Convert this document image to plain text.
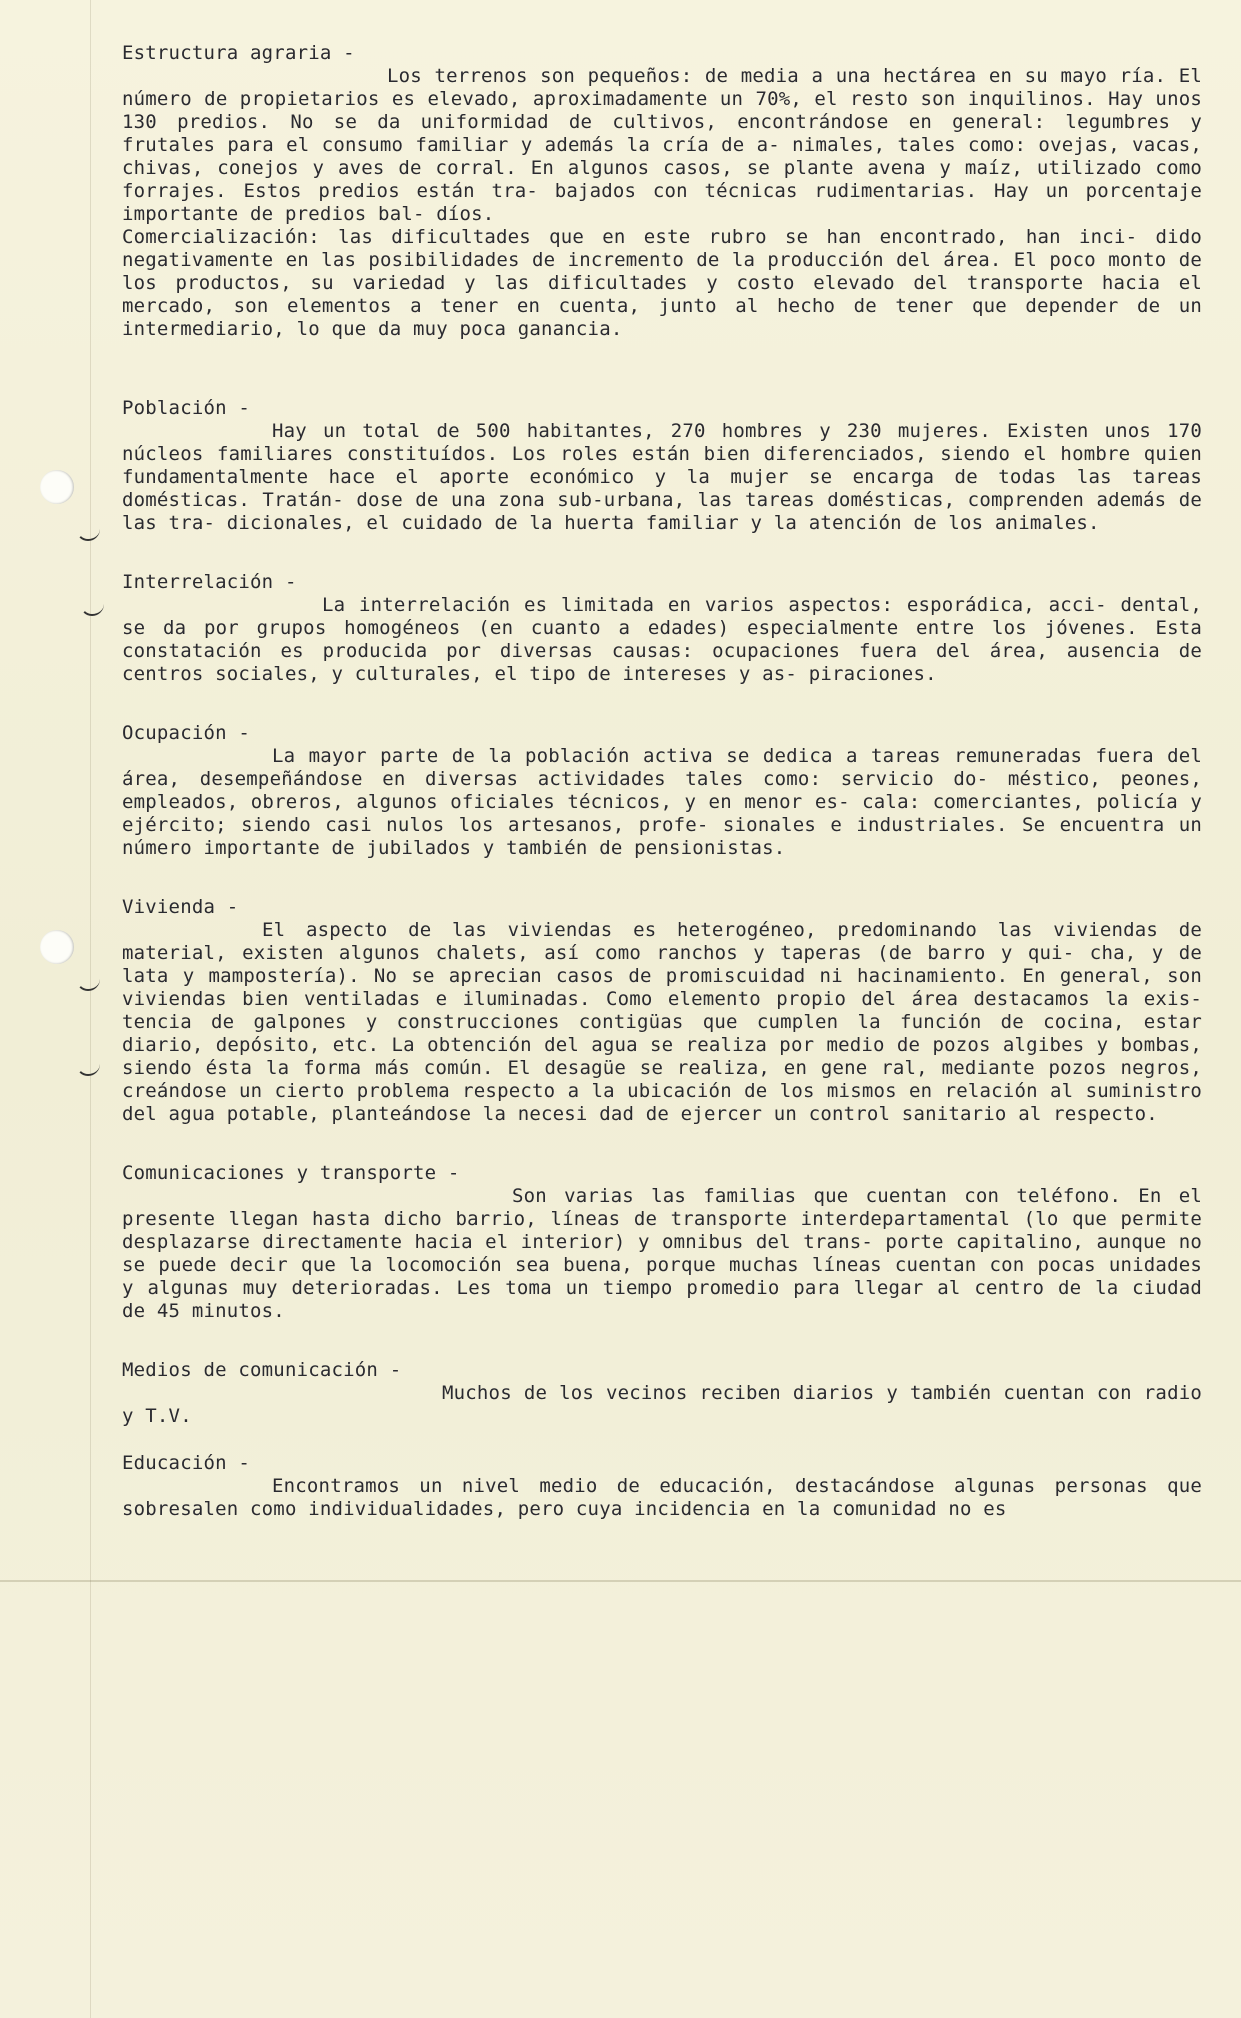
Estructura agraria -
Los terrenos son pequeños: de media a una hectárea en su mayo ría. El número de propietarios es elevado, aproximadamente un 70%, el resto son inquilinos. Hay unos 130 predios. No se da uniformidad de cultivos, encontrándose en general: legumbres y frutales para el consumo familiar y además la cría de a- nimales, tales como: ovejas, vacas, chivas, conejos y aves de corral. En algunos casos, se plante avena y maíz, utilizado como forrajes. Estos predios están tra- bajados con técnicas rudimentarias. Hay un porcentaje importante de predios bal- díos.
Comercialización: las dificultades que en este rubro se han encontrado, han inci- dido negativamente en las posibilidades de incremento de la producción del área. El poco monto de los productos, su variedad y las dificultades y costo elevado del transporte hacia el mercado, son elementos a tener en cuenta, junto al hecho de tener que depender de un intermediario, lo que da muy poca ganancia.
Población -
Hay un total de 500 habitantes, 270 hombres y 230 mujeres. Existen unos 170 núcleos familiares constituídos. Los roles están bien diferenciados, siendo el hombre quien fundamentalmente hace el aporte económico y la mujer se encarga de todas las tareas domésticas. Tratán- dose de una zona sub-urbana, las tareas domésticas, comprenden además de las tra- dicionales, el cuidado de la huerta familiar y la atención de los animales.
Interrelación -
La interrelación es limitada en varios aspectos: esporádica, acci- dental, se da por grupos homogéneos (en cuanto a edades) especialmente entre los jóvenes. Esta constatación es producida por diversas causas: ocupaciones fuera del área, ausencia de centros sociales, y culturales, el tipo de intereses y as- piraciones.
Ocupación -
La mayor parte de la población activa se dedica a tareas remuneradas fuera del área, desempeñándose en diversas actividades tales como: servicio do- méstico, peones, empleados, obreros, algunos oficiales técnicos, y en menor es- cala: comerciantes, policía y ejército; siendo casi nulos los artesanos, profe- sionales e industriales. Se encuentra un número importante de jubilados y también de pensionistas.
Vivienda -
El aspecto de las viviendas es heterogéneo, predominando las viviendas de material, existen algunos chalets, así como ranchos y taperas (de barro y qui- cha, y de lata y mampostería). No se aprecian casos de promiscuidad ni hacinamiento. En general, son viviendas bien ventiladas e iluminadas. Como elemento propio del área destacamos la exis- tencia de galpones y construcciones contigüas que cumplen la función de cocina, estar diario, depósito, etc. La obtención del agua se realiza por medio de pozos algibes y bombas, siendo ésta la forma más común. El desagüe se realiza, en gene ral, mediante pozos negros, creándose un cierto problema respecto a la ubicación de los mismos en relación al suministro del agua potable, planteándose la necesi dad de ejercer un control sanitario al respecto.
Comunicaciones y transporte -
Son varias las familias que cuentan con teléfono. En el presente llegan hasta dicho barrio, líneas de transporte interdepartamental (lo que permite desplazarse directamente hacia el interior) y omnibus del trans- porte capitalino, aunque no se puede decir que la locomoción sea buena, porque muchas líneas cuentan con pocas unidades y algunas muy deterioradas. Les toma un tiempo promedio para llegar al centro de la ciudad de 45 minutos.
Medios de comunicación -
Muchos de los vecinos reciben diarios y también cuentan con radio y T.V.
Educación -
Encontramos un nivel medio de educación, destacándose algunas personas que sobresalen como individualidades, pero cuya incidencia en la comunidad no es
